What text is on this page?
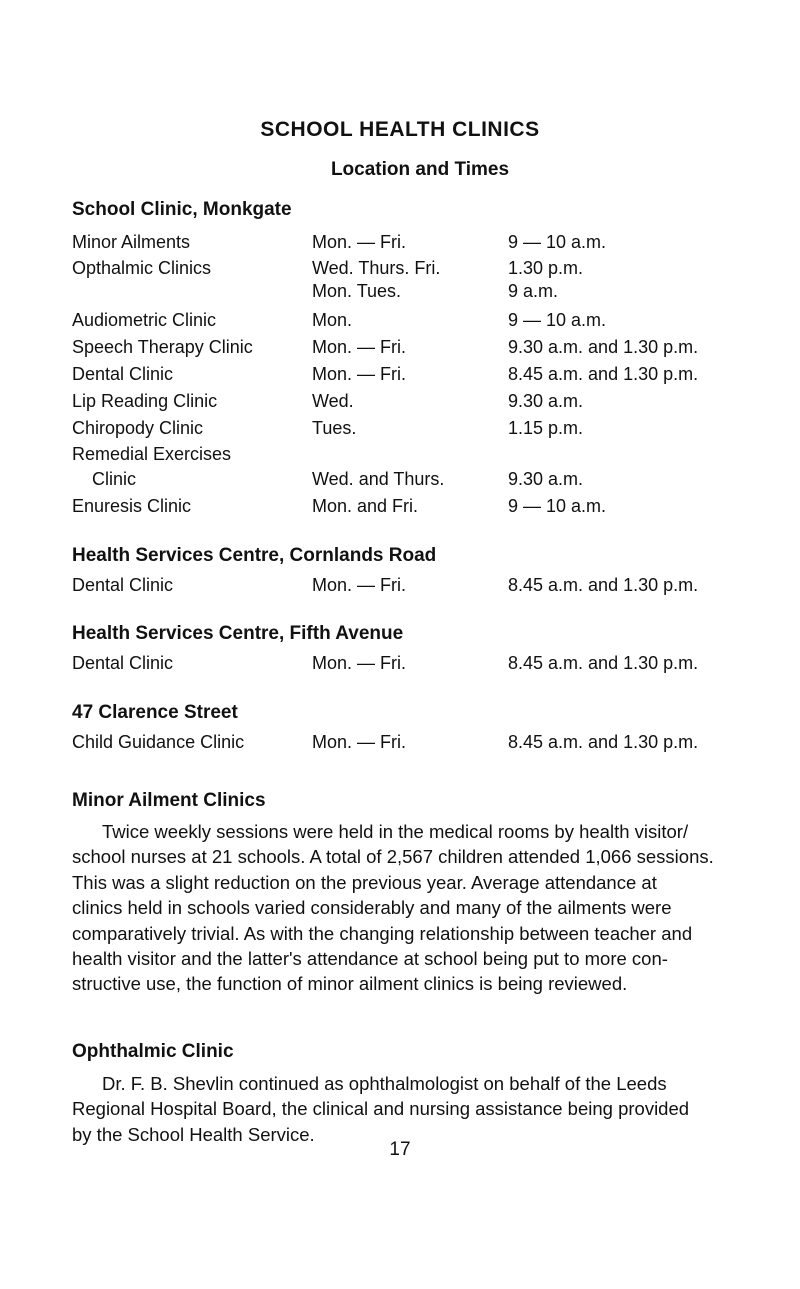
SCHOOL HEALTH CLINICS
Location and Times
School Clinic, Monkgate
Minor Ailments	Mon. — Fri.	9 — 10 a.m.
Opthalmic Clinics	Wed. Thurs. Fri.	1.30 p.m.
Mon. Tues.	9 a.m.
Audiometric Clinic	Mon.	9 — 10 a.m.
Speech Therapy Clinic	Mon. — Fri.	9.30 a.m. and 1.30 p.m.
Dental Clinic	Mon. — Fri.	8.45 a.m. and 1.30 p.m.
Lip Reading Clinic	Wed.	9.30 a.m.
Chiropody Clinic	Tues.	1.15 p.m.
Remedial Exercises
Clinic	Wed. and Thurs.	9.30 a.m.
Enuresis Clinic	Mon. and Fri.	9 — 10 a.m.
Health Services Centre, Cornlands Road
Dental Clinic	Mon. — Fri.	8.45 a.m. and 1.30 p.m.
Health Services Centre, Fifth Avenue
Dental Clinic	Mon. — Fri.	8.45 a.m. and 1.30 p.m.
47 Clarence Street
Child Guidance Clinic	Mon. — Fri.	8.45 a.m. and 1.30 p.m.
Minor Ailment Clinics
Twice weekly sessions were held in the medical rooms by health visitor/
school nurses at 21 schools. A total of 2,567 children attended 1,066 sessions.
This was a slight reduction on the previous year. Average attendance at
clinics held in schools varied considerably and many of the ailments were
comparatively trivial. As with the changing relationship between teacher and
health visitor and the latter's attendance at school being put to more con-
structive use, the function of minor ailment clinics is being reviewed.
Ophthalmic Clinic
Dr. F. B. Shevlin continued as ophthalmologist on behalf of the Leeds
Regional Hospital Board, the clinical and nursing assistance being provided
by the School Health Service.
17
